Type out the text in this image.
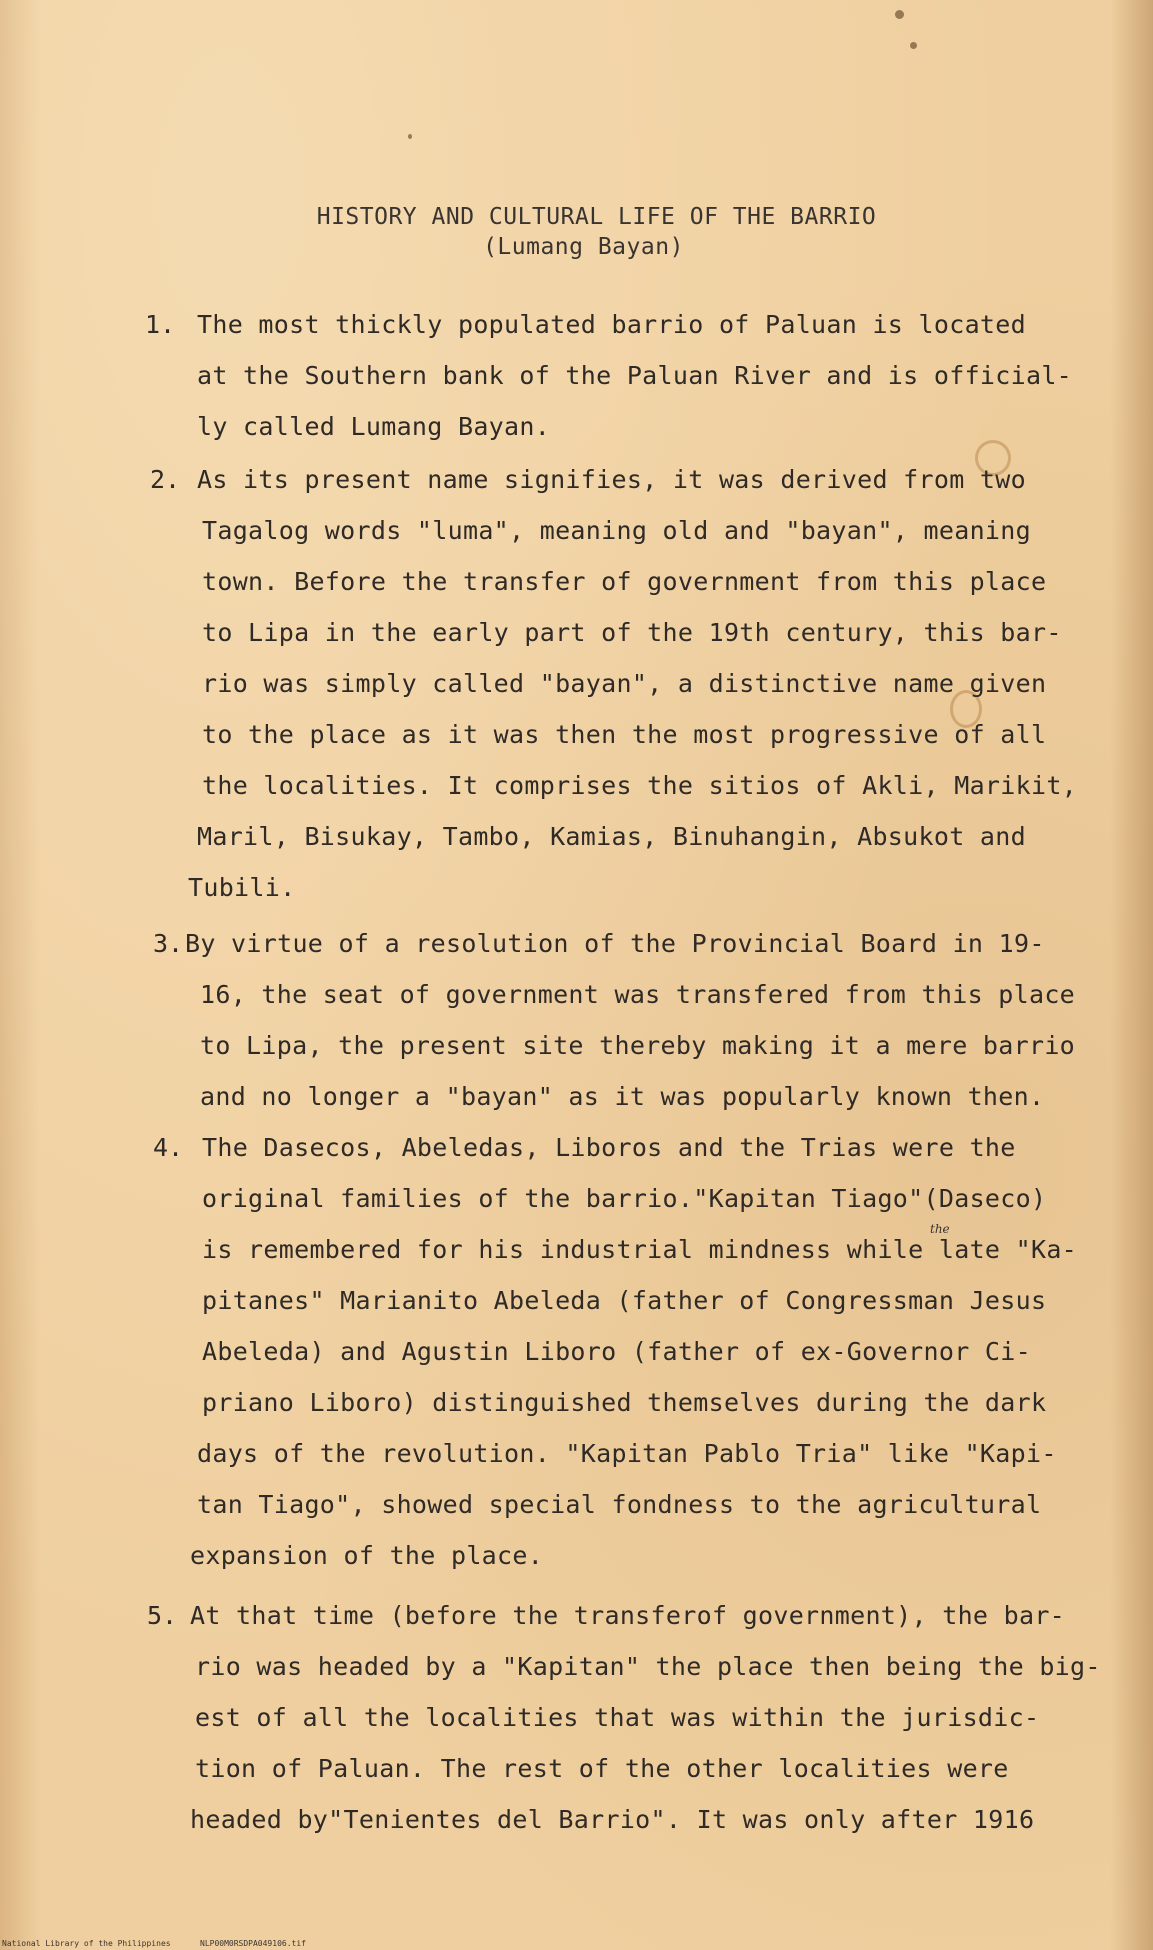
HISTORY AND CULTURAL LIFE OF THE BARRIO
(Lumang Bayan)
1. The most thickly populated barrio of Paluan is located
at the Southern bank of the Paluan River and is official-
ly called Lumang Bayan.
2. As its present name signifies, it was derived from two
Tagalog words "luma", meaning old and "bayan", meaning
town. Before the transfer of government from this place
to Lipa in the early part of the 19th century, this bar-
rio was simply called "bayan", a distinctive name given
to the place as it was then the most progressive of all
the localities. It comprises the sitios of Akli, Marikit,
Maril, Bisukay, Tambo, Kamias, Binuhangin, Absukot and
Tubili.
3. By virtue of a resolution of the Provincial Board in 19-
16, the seat of government was transfered from this place
to Lipa, the present site thereby making it a mere barrio
and no longer a "bayan" as it was popularly known then.
4. The Dasecos, Abeledas, Liboros and the Trias were the
original families of the barrio."Kapitan Tiago"(Daseco)
is remembered for his industrial mindness while late "Ka-
pitanes" Marianito Abeleda (father of Congressman Jesus
Abeleda) and Agustin Liboro (father of ex-Governor Ci-
priano Liboro) distinguished themselves during the dark
days of the revolution. "Kapitan Pablo Tria" like "Kapi-
tan Tiago", showed special fondness to the agricultural
expansion of the place.
the
5. At that time (before the transferof government), the bar-
rio was headed by a "Kapitan" the place then being the big-
est of all the localities that was within the jurisdic-
tion of Paluan. The rest of the other localities were
headed by"Tenientes del Barrio". It was only after 1916
National Library of the Philippines	NLP00M0RSDPA049106.tif
